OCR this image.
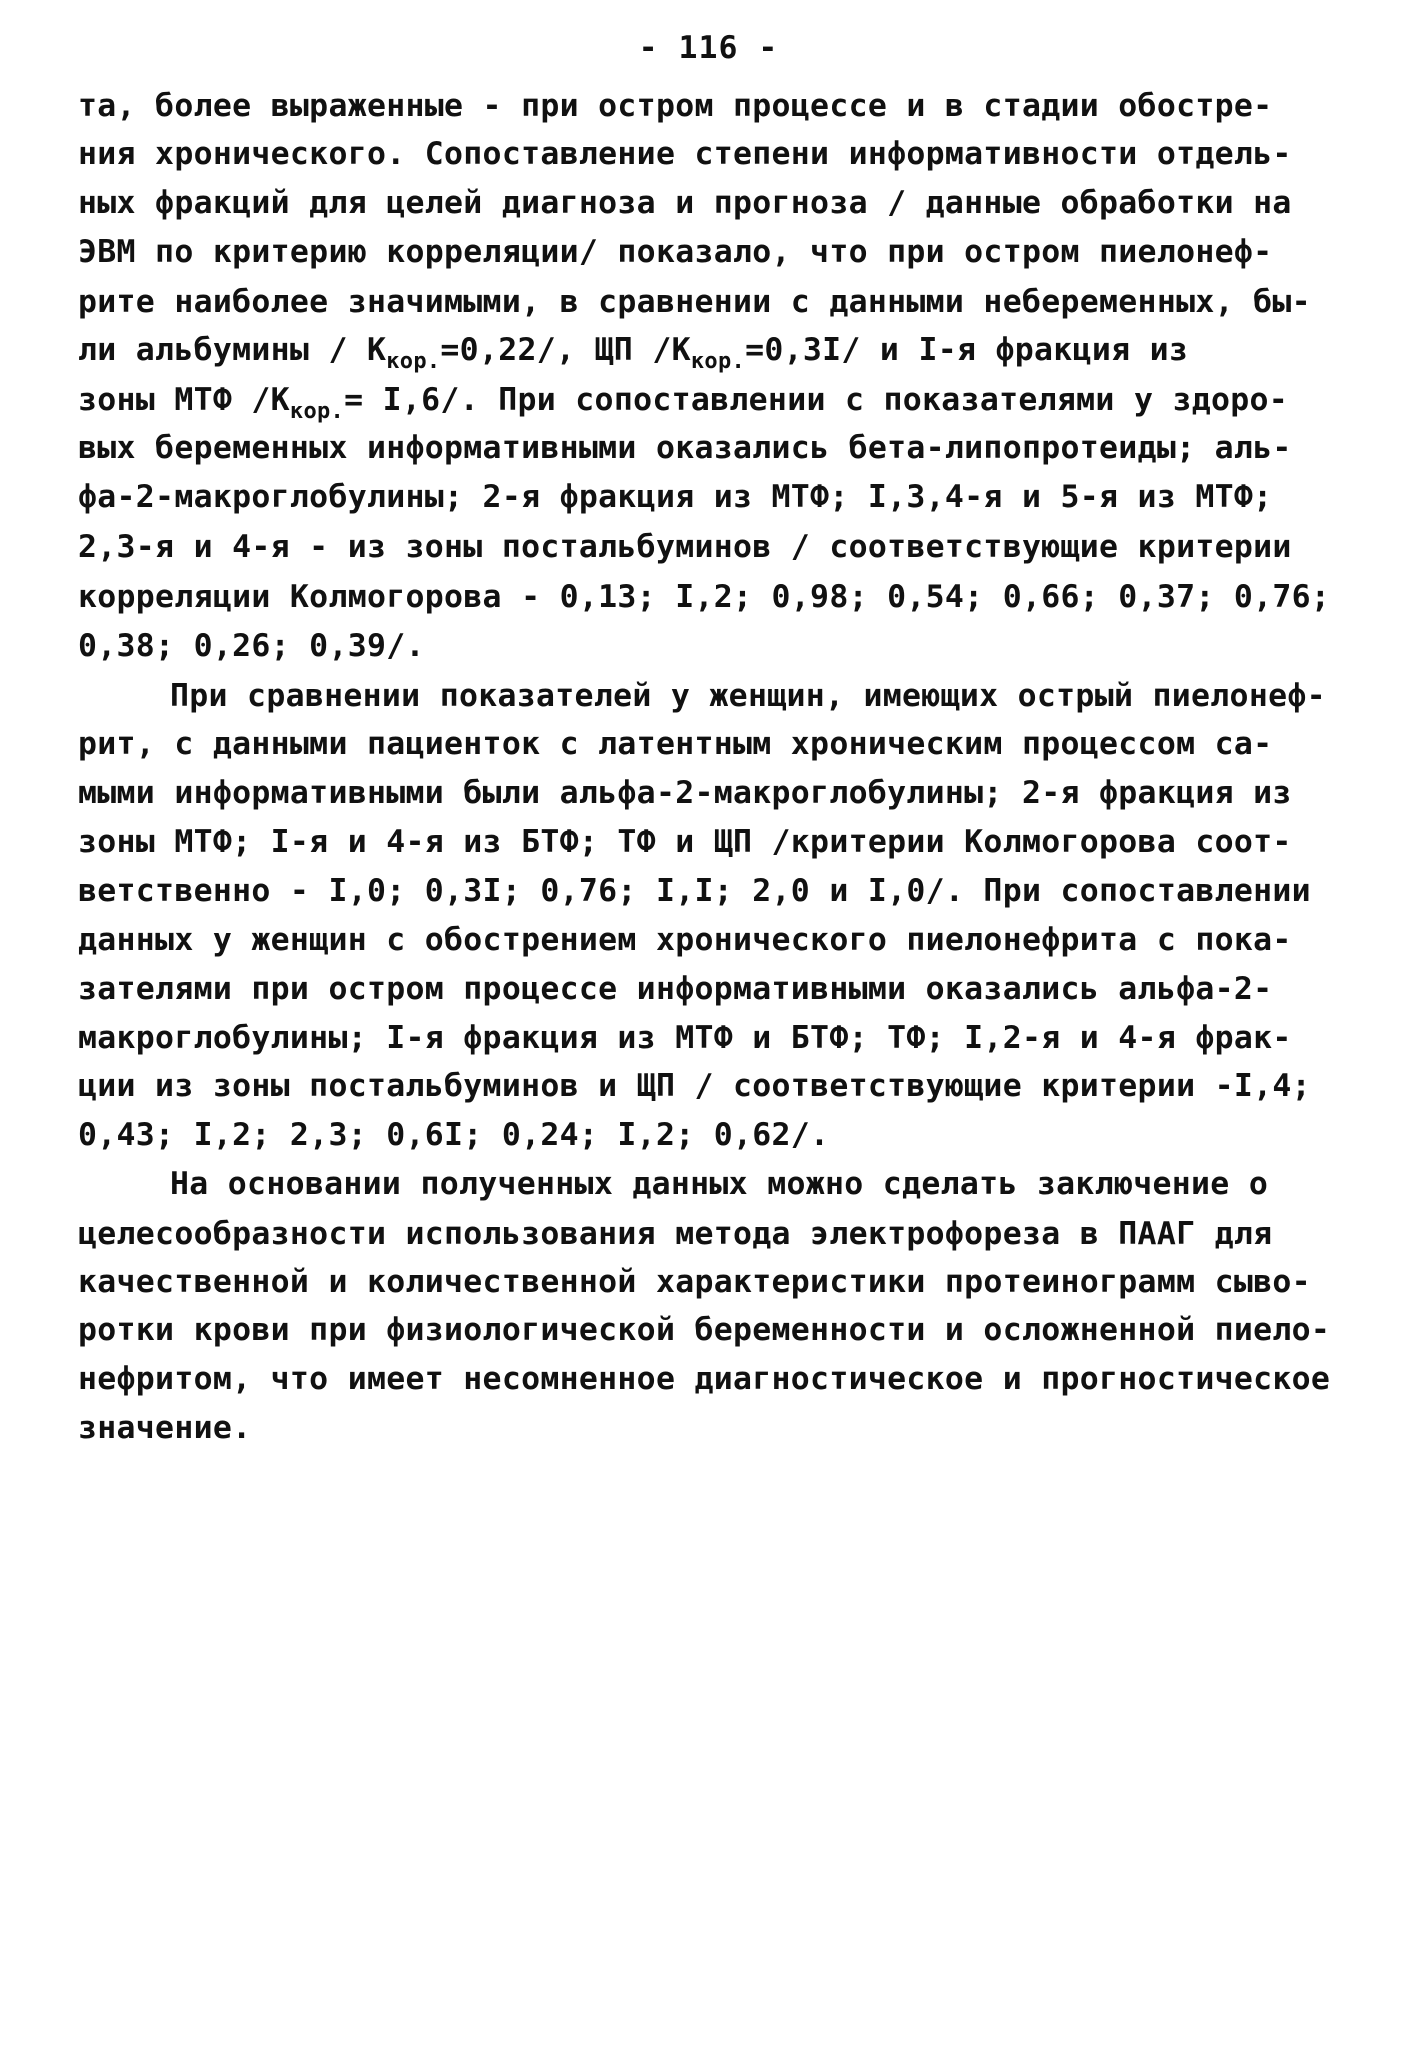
- 116 -
та, более выраженные - при остром процессе и в стадии обостре-
ния хронического. Сопоставление степени информативности отдель-
ных фракций для целей диагноза и прогноза / данные обработки на
ЭВМ по критерию корреляции/ показало, что при остром пиелонеф-
рите наиболее значимыми, в сравнении с данными небеременных, бы-
ли альбумины / $К_{кор.}=0,22/$, ЩП $/К_{кор.}=0,3I/$ и I-я фракция из
зоны МТФ $/К_{кор.}= I,6/$. При сопоставлении с показателями у здоро-
вых беременных информативными оказались бета-липопротеиды; аль-
фа-2-макроглобулины; 2-я фракция из МТФ; I,3,4-я и 5-я из МТФ;
2,3-я и 4-я - из зоны постальбуминов / соответствующие критерии
корреляции Колмогорова - 0,13; I,2; 0,98; 0,54; 0,66; 0,37; 0,76;
0,38; 0,26; 0,39/.
При сравнении показателей у женщин, имеющих острый пиелонеф-
рит, с данными пациенток с латентным хроническим процессом са-
мыми информативными были альфа-2-макроглобулины; 2-я фракция из
зоны МТФ; I-я и 4-я из БТФ; ТФ и ЩП /критерии Колмогорова соот-
ветственно - I,0; 0,3I; 0,76; I,I; 2,0 и I,0/. При сопоставлении
данных у женщин с обострением хронического пиелонефрита с пока-
зателями при остром процессе информативными оказались альфа-2-
макроглобулины; I-я фракция из МТФ и БТФ; ТФ; I,2-я и 4-я фрак-
ции из зоны постальбуминов и ЩП / соответствующие критерии -I,4;
0,43; I,2; 2,3; 0,6I; 0,24; I,2; 0,62/.
На основании полученных данных можно сделать заключение о
целесообразности использования метода электрофореза в ПААГ для
качественной и количественной характеристики протеинограмм сыво-
ротки крови при физиологической беременности и осложненной пиело-
нефритом, что имеет несомненное диагностическое и прогностическое
значение.
